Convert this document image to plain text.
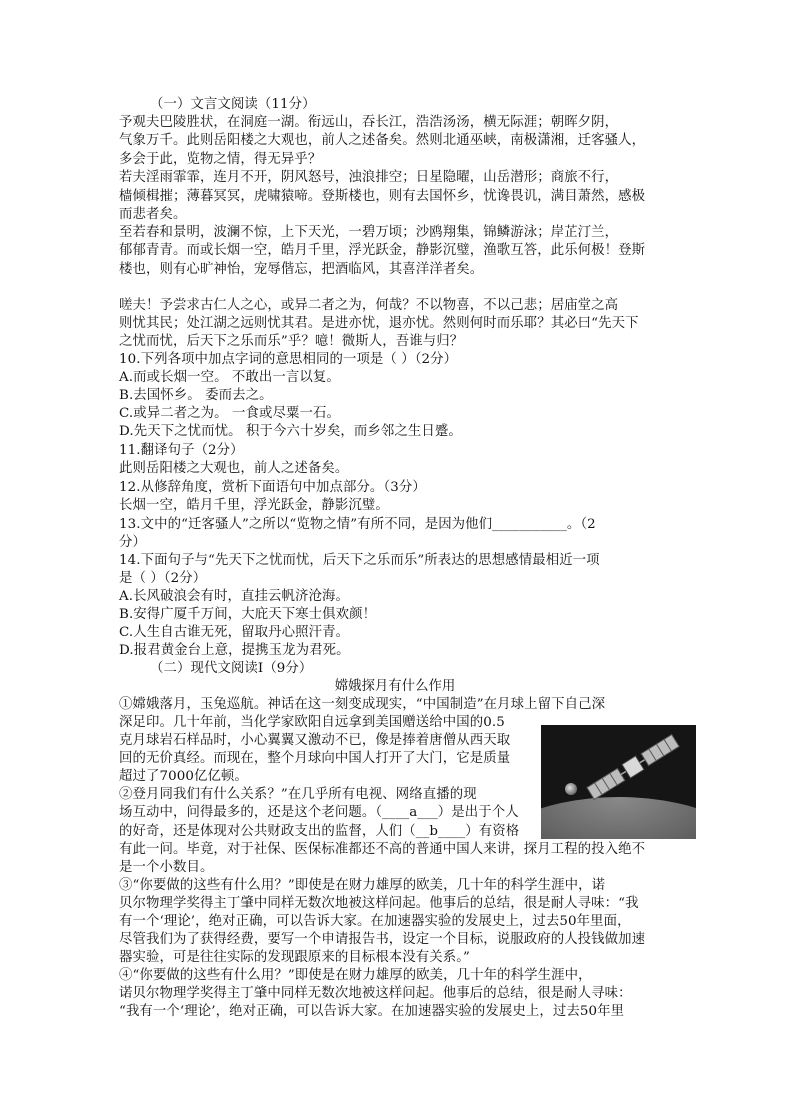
（一）文言文阅读（11分）
予观夫巴陵胜状，在洞庭一湖。衔远山，吞长江，浩浩汤汤，横无际涯；朝晖夕阴，
气象万千。此则岳阳楼之大观也，前人之述备矣。然则北通巫峡，南极潇湘，迁客骚人，
多会于此，览物之情，得无异乎？
若夫淫雨霏霏，连月不开，阴风怒号，浊浪排空；日星隐曜，山岳潜形；商旅不行，
樯倾楫摧；薄暮冥冥，虎啸猿啼。登斯楼也，则有去国怀乡，忧谗畏讥，满目萧然，感极
而悲者矣。
至若春和景明，波澜不惊，上下天光，一碧万顷；沙鸥翔集，锦鳞游泳；岸芷汀兰，
郁郁青青。而或长烟一空，皓月千里，浮光跃金，静影沉璧，渔歌互答，此乐何极！登斯
楼也，则有心旷神怡，宠辱偕忘，把酒临风，其喜洋洋者矣。
嗟夫！予尝求古仁人之心，或异二者之为，何哉？不以物喜，不以己悲；居庙堂之高
则忧其民；处江湖之远则忧其君。是进亦忧，退亦忧。然则何时而乐耶？其必曰“先天下
之忧而忧，后天下之乐而乐”乎？噫！微斯人，吾谁与归？
10.下列各项中加点字词的意思相同的一项是（ ）（2分）
A.而或长烟一空。 不敢出一言以复。
B.去国怀乡。 委而去之。
C.或异二者之为。 一食或尽粟一石。
D.先天下之忧而忧。 积于今六十岁矣，而乡邻之生日蹙。
11.翻译句子（2分）
此则岳阳楼之大观也，前人之述备矣。
12.从修辞角度，赏析下面语句中加点部分。（3分）
长烟一空，皓月千里，浮光跃金，静影沉璧。
13.文中的“迁客骚人”之所以“览物之情”有所不同，是因为他们___________。（2
分）
14.下面句子与“先天下之忧而忧，后天下之乐而乐”所表达的思想感情最相近一项
是（ ）（2分）
A.长风破浪会有时，直挂云帆济沧海。
B.安得广厦千万间，大庇天下寒士俱欢颜！
C.人生自古谁无死，留取丹心照汗青。
D.报君黄金台上意，提携玉龙为君死。
（二）现代文阅读Ⅰ（9分）
嫦娥探月有什么作用
①嫦娥落月，玉兔巡航。神话在这一刻变成现实，“中国制造”在月球上留下自己深
深足印。几十年前，当化学家欧阳自远拿到美国赠送给中国的0.5
克月球岩石样品时，小心翼翼又激动不已，像是捧着唐僧从西天取
回的无价真经。而现在，整个月球向中国人打开了大门，它是质量
超过了7000亿亿顿。
②登月同我们有什么关系？”在几乎所有电视、网络直播的现
场互动中，问得最多的，还是这个老问题。（____a___）是出于个人
的好奇，还是体现对公共财政支出的监督，人们（__b____）有资格
有此一问。毕竟，对于社保、医保标准都还不高的普通中国人来讲，探月工程的投入绝不
是一个小数目。
③“你要做的这些有什么用？”即使是在财力雄厚的欧美，几十年的科学生涯中，诺
贝尔物理学奖得主丁肇中同样无数次地被这样问起。他事后的总结，很是耐人寻味：“我
有一个‘理论’，绝对正确，可以告诉大家。在加速器实验的发展史上，过去50年里面，
尽管我们为了获得经费，要写一个申请报告书，设定一个目标，说服政府的人投钱做加速
器实验，可是往往实际的发现跟原来的目标根本没有关系。”
④“你要做的这些有什么用？”即使是在财力雄厚的欧美，几十年的科学生涯中，
诺贝尔物理学奖得主丁肇中同样无数次地被这样问起。他事后的总结，很是耐人寻味：
“我有一个‘理论’，绝对正确，可以告诉大家。在加速器实验的发展史上，过去50年里
